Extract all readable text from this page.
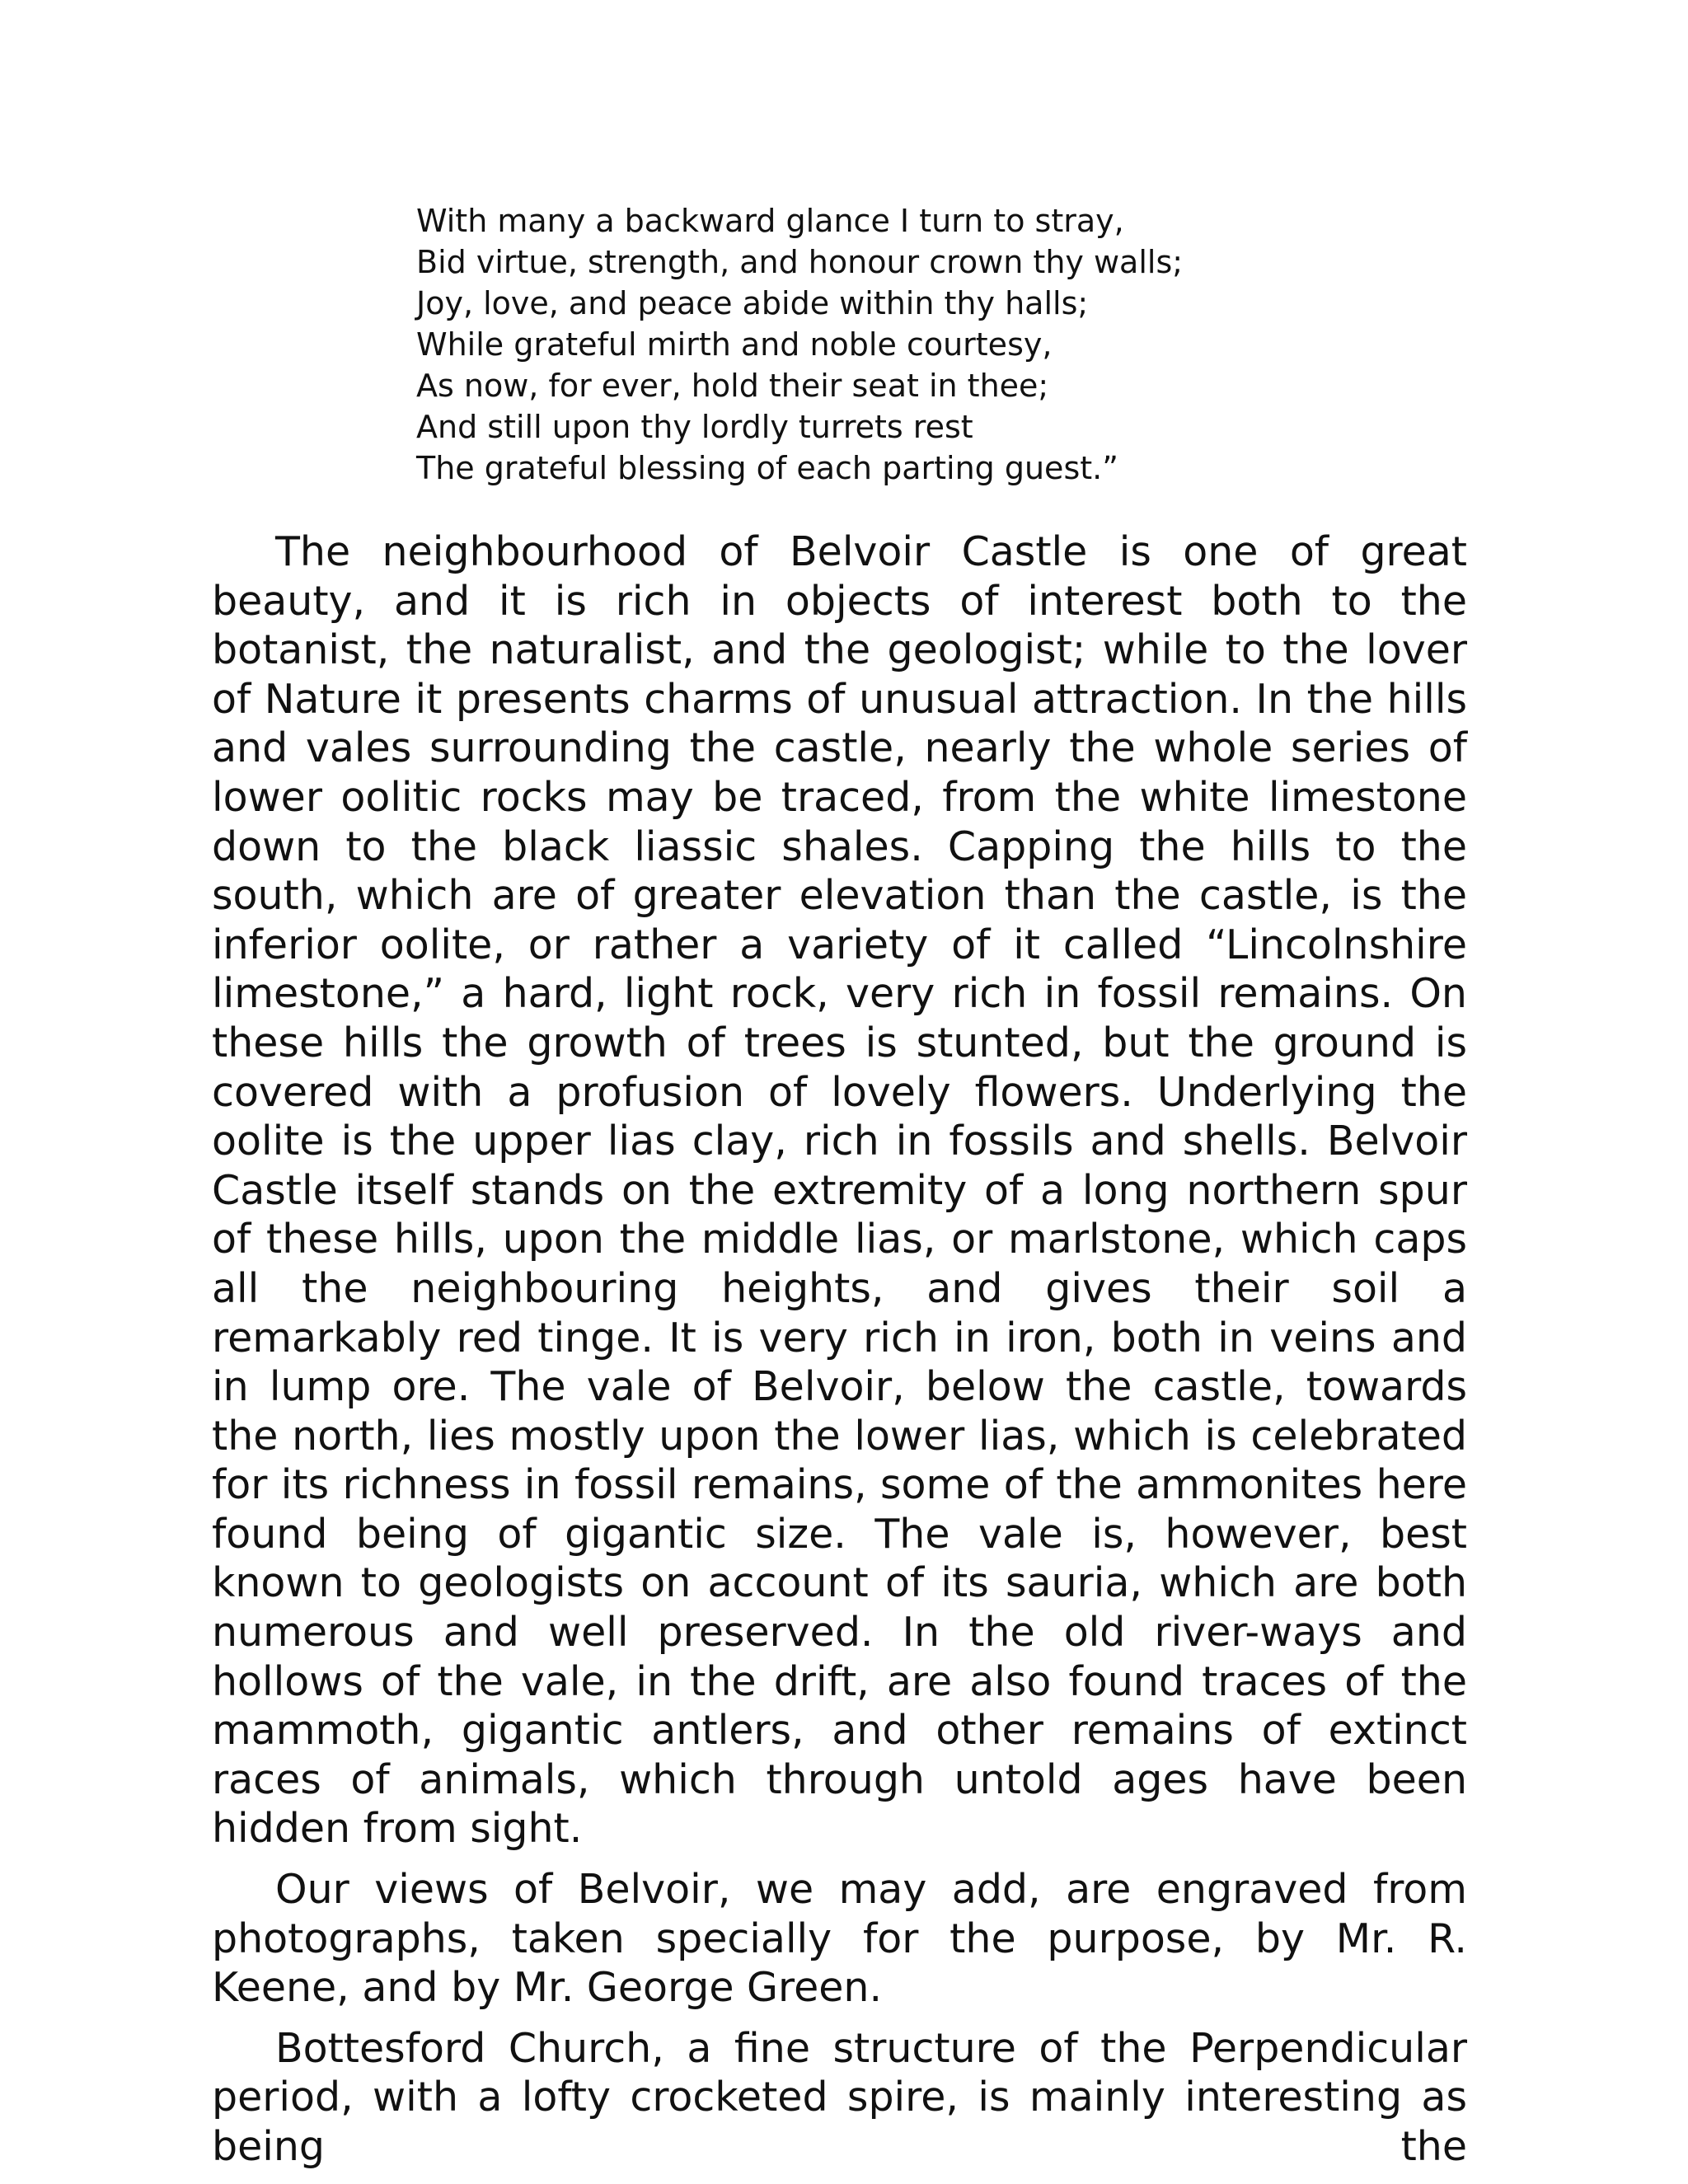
With many a backward glance I turn to stray,
Bid virtue, strength, and honour crown thy walls;
Joy, love, and peace abide within thy halls;
While grateful mirth and noble courtesy,
As now, for ever, hold their seat in thee;
And still upon thy lordly turrets rest
The grateful blessing of each parting guest.”

The neighbourhood of Belvoir Castle is one of great beauty, and it is rich in objects of interest both to the botanist, the naturalist, and the geologist; while to the lover of Nature it presents charms of unusual attraction. In the hills and vales surrounding the castle, nearly the whole series of lower oolitic rocks may be traced, from the white limestone down to the black liassic shales. Capping the hills to the south, which are of greater elevation than the castle, is the inferior oolite, or rather a variety of it called “Lincolnshire limestone,” a hard, light rock, very rich in fossil remains. On these hills the growth of trees is stunted, but the ground is covered with a profusion of lovely flowers. Underlying the oolite is the upper lias clay, rich in fossils and shells. Belvoir Castle itself stands on the extremity of a long northern spur of these hills, upon the middle lias, or marlstone, which caps all the neighbouring heights, and gives their soil a remarkably red tinge. It is very rich in iron, both in veins and in lump ore. The vale of Belvoir, below the castle, towards the north, lies mostly upon the lower lias, which is celebrated for its richness in fossil remains, some of the ammonites here found being of gigantic size. The vale is, however, best known to geologists on account of its sauria, which are both numerous and well preserved. In the old river-ways and hollows of the vale, in the drift, are also found traces of the mammoth, gigantic antlers, and other remains of extinct races of animals, which through untold ages have been hidden from sight.

Our views of Belvoir, we may add, are engraved from photographs, taken specially for the purpose, by Mr. R. Keene, and by Mr. George Green.

Bottesford Church, a fine structure of the Perpendicular period, with a lofty crocketed spire, is mainly interesting as being the
